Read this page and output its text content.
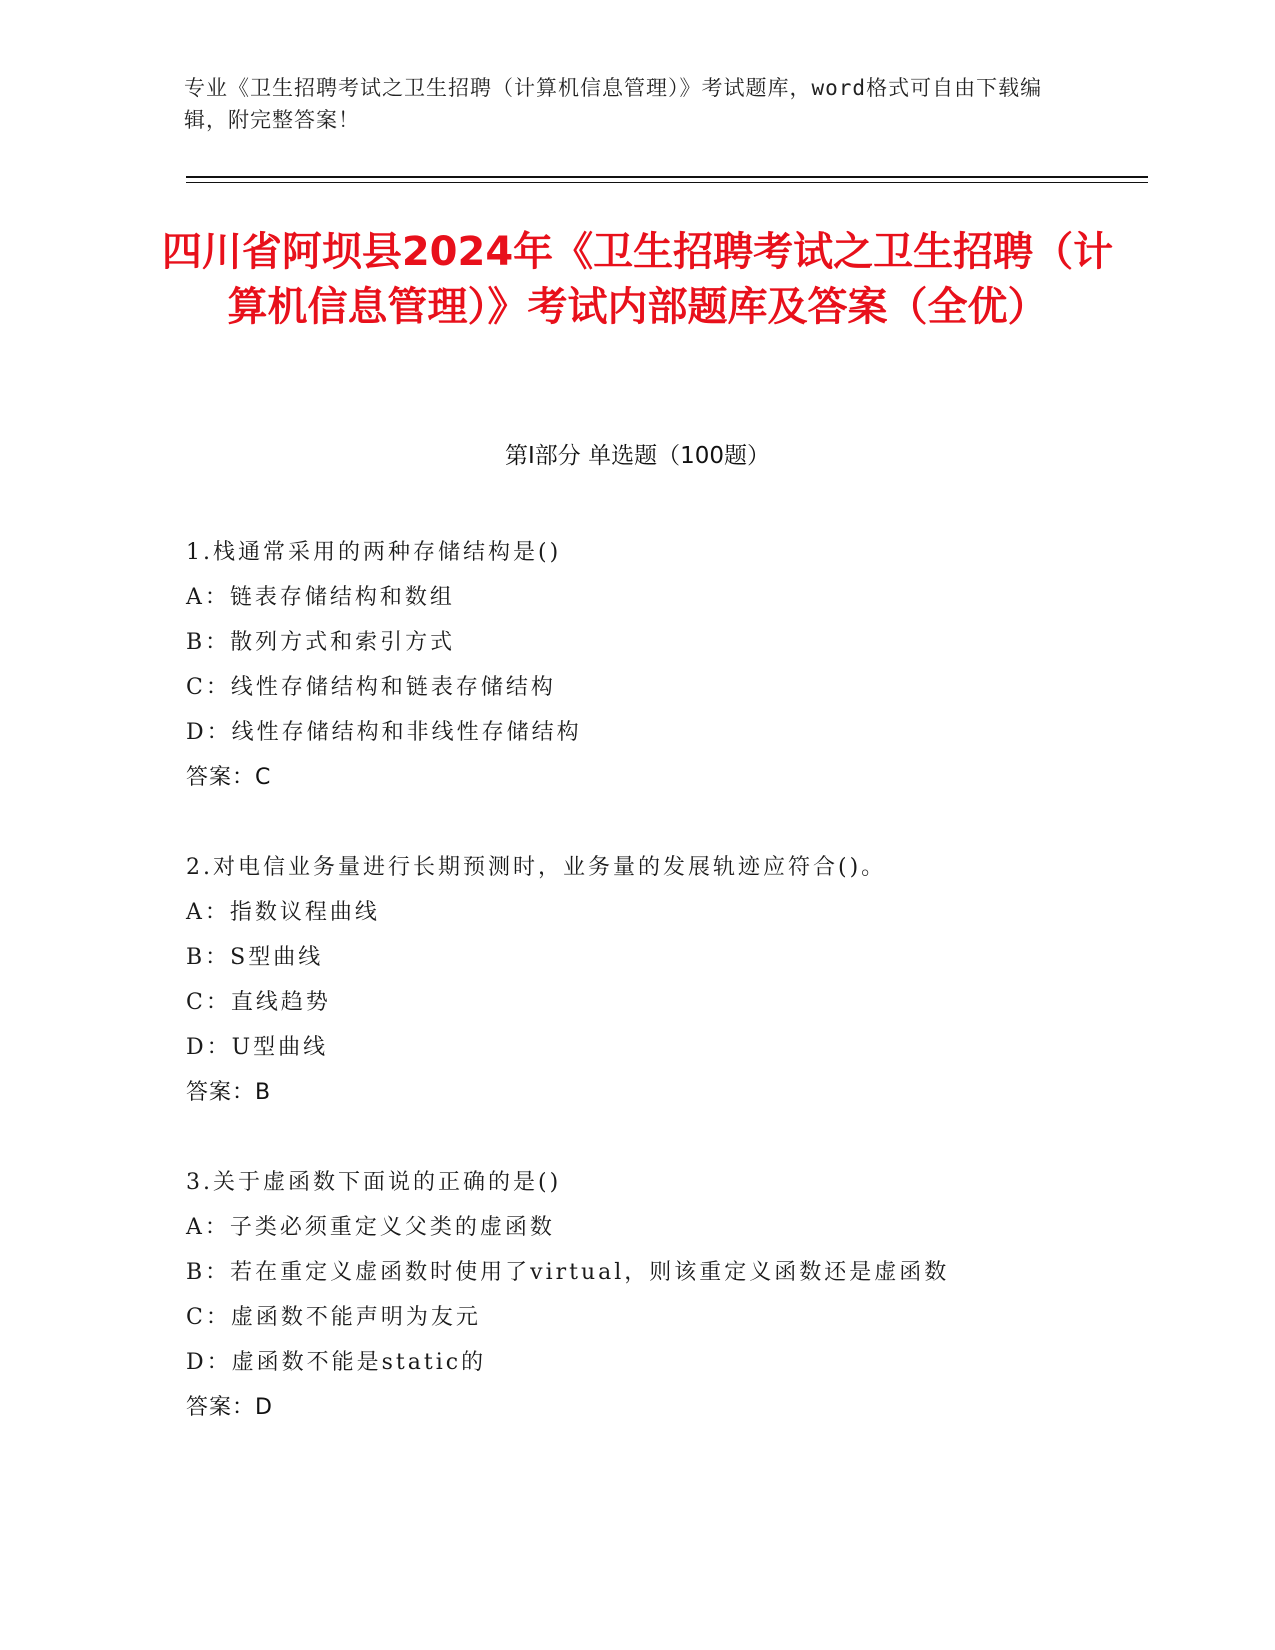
专业《卫生招聘考试之卫生招聘（计算机信息管理）》考试题库，word格式可自由下载编辑，附完整答案！
四川省阿坝县2024年《卫生招聘考试之卫生招聘（计算机信息管理）》考试内部题库及答案（全优）
第I部分 单选题（100题）
1.栈通常采用的两种存储结构是()
A：链表存储结构和数组
B：散列方式和索引方式
C：线性存储结构和链表存储结构
D：线性存储结构和非线性存储结构
答案：C
2.对电信业务量进行长期预测时，业务量的发展轨迹应符合()。
A：指数议程曲线
B：S型曲线
C：直线趋势
D：U型曲线
答案：B
3.关于虚函数下面说的正确的是()
A：子类必须重定义父类的虚函数
B：若在重定义虚函数时使用了virtual，则该重定义函数还是虚函数
C：虚函数不能声明为友元
D：虚函数不能是static的
答案：D
